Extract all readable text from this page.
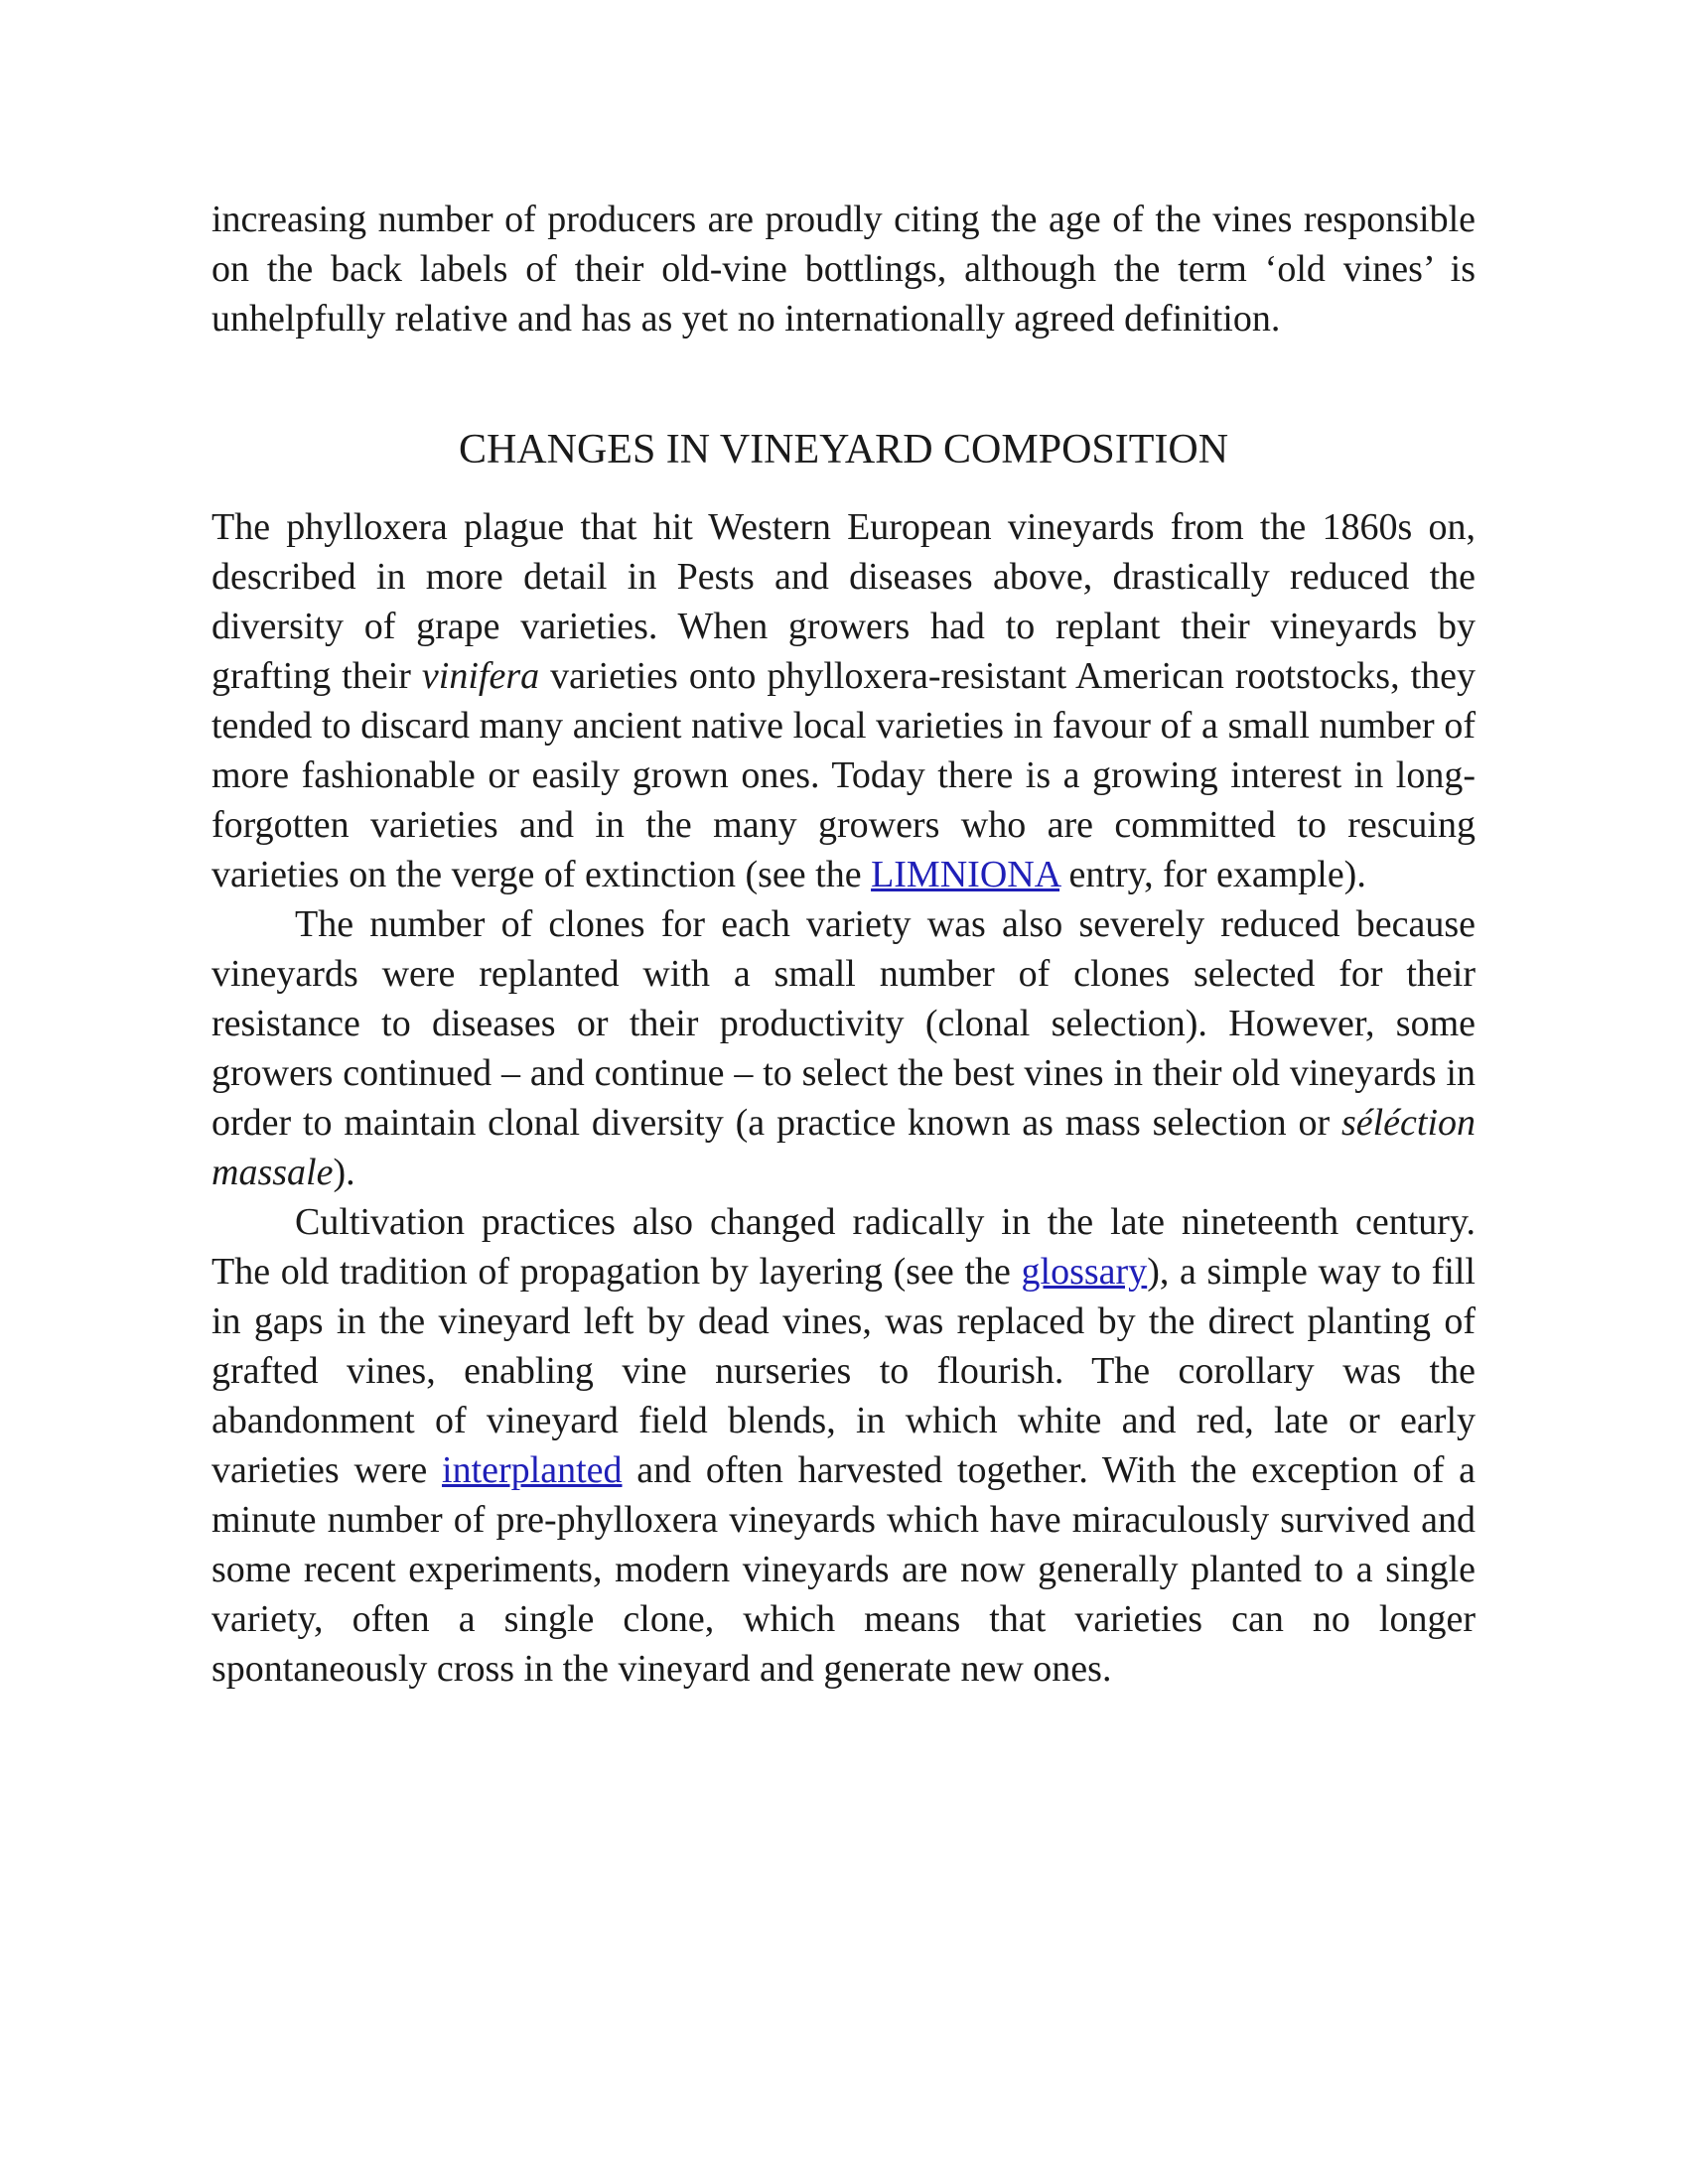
increasing number of producers are proudly citing the age of the vines responsible on the back labels of their old-vine bottlings, although the term ‘old vines’ is unhelpfully relative and has as yet no internationally agreed definition.

CHANGES IN VINEYARD COMPOSITION

The phylloxera plague that hit Western European vineyards from the 1860s on, described in more detail in Pests and diseases above, drastically reduced the diversity of grape varieties. When growers had to replant their vineyards by grafting their vinifera varieties onto phylloxera-resistant American rootstocks, they tended to discard many ancient native local varieties in favour of a small number of more fashionable or easily grown ones. Today there is a growing interest in long-forgotten varieties and in the many growers who are committed to rescuing varieties on the verge of extinction (see the LIMNIONA entry, for example).

The number of clones for each variety was also severely reduced because vineyards were replanted with a small number of clones selected for their resistance to diseases or their productivity (clonal selection). However, some growers continued – and continue – to select the best vines in their old vineyards in order to maintain clonal diversity (a practice known as mass selection or séléction massale).

Cultivation practices also changed radically in the late nineteenth century. The old tradition of propagation by layering (see the glossary), a simple way to fill in gaps in the vineyard left by dead vines, was replaced by the direct planting of grafted vines, enabling vine nurseries to flourish. The corollary was the abandonment of vineyard field blends, in which white and red, late or early varieties were interplanted and often harvested together. With the exception of a minute number of pre-phylloxera vineyards which have miraculously survived and some recent experiments, modern vineyards are now generally planted to a single variety, often a single clone, which means that varieties can no longer spontaneously cross in the vineyard and generate new ones.
